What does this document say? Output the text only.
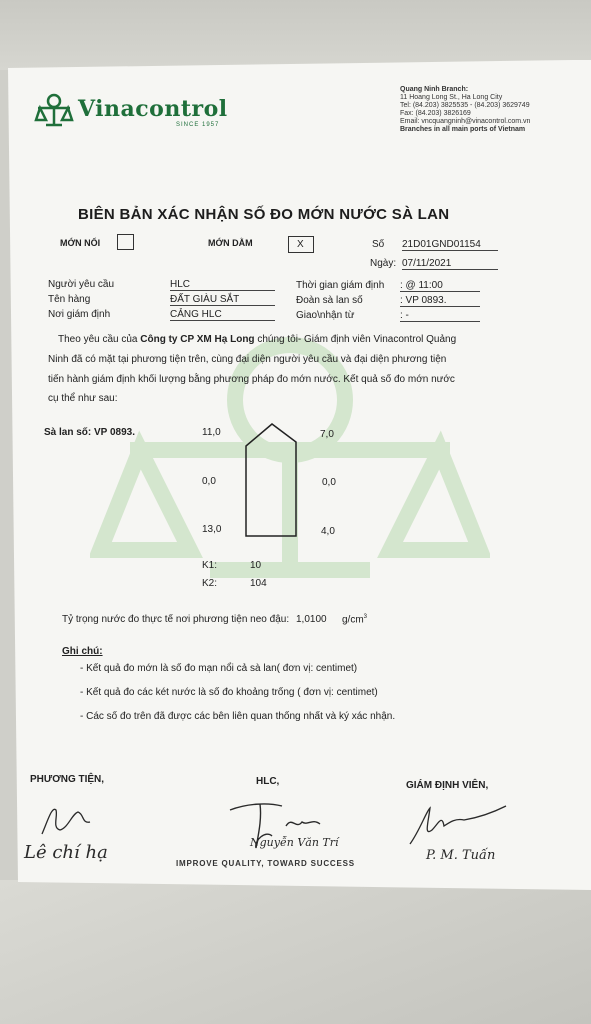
Vinacontrol
SINCE 1957
Quang Ninh Branch:
11 Hoang Long St., Ha Long City
Tel: (84.203) 3825535 - (84.203) 3629749
Fax: (84.203) 3826169
Email: vncquangninh@vinacontrol.com.vn
Branches in all main ports of Vietnam
BIÊN BẢN XÁC NHẬN SỐ ĐO MỚN NƯỚC SÀ LAN
MỚN NỔI	MỚN DẰM	X	Số 21D01GND01154
Ngày: 07/11/2021
Người yêu cầu	HLC
Tên hàng	ĐẤT GIÀU SẮT
Nơi giám định	CẢNG HLC
Thời gian giám định : @ 11:00
Đoàn sà lan số	: VP 0893.
Giao\nhận từ	: -
Theo yêu cầu của Công ty CP XM Hạ Long chúng tôi- Giám định viên Vinacontrol Quảng
Ninh đã có mặt tại phương tiện trên, cùng đại diện người yêu cầu và đại diện phương tiện
tiến hành giám định khối lượng bằng phương pháp đo mớn nước. Kết quả số đo mớn nước
cụ thể như sau:
Sà lan số: VP 0893.	11,0	7,0
0,0	0,0
13,0	4,0
K1:	10
K2:	104
Tỷ trọng nước đo thực tế nơi phương tiện neo đậu: 1,0100 $g/cm^3$
Ghi chú:
- Kết quả đo mớn là số đo mạn nổi cả sà lan( đơn vị: centimet)
- Kết quả đo các két nước là số đo khoảng trống ( đơn vị: centimet)
- Các số đo trên đã được các bên liên quan thống nhất và ký xác nhận.
PHƯƠNG TIỆN,	HLC,	GIÁM ĐỊNH VIÊN,
Lê chí hạ	Nguyễn Văn Trí
P. M. Tuấn
IMPROVE QUALITY, TOWARD SUCCESS
